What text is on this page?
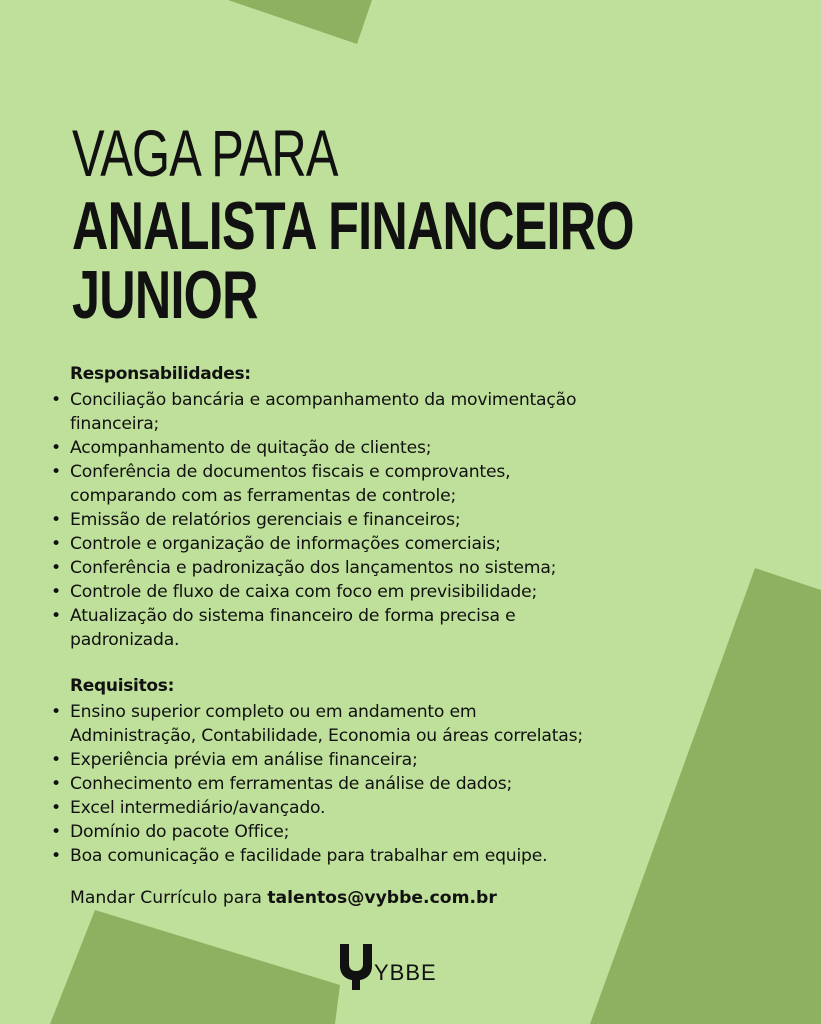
VAGA PARA
ANALISTA FINANCEIRO
JUNIOR
Responsabilidades:
• Conciliação bancária e acompanhamento da movimentação
financeira;
• Acompanhamento de quitação de clientes;
• Conferência de documentos fiscais e comprovantes,
comparando com as ferramentas de controle;
• Emissão de relatórios gerenciais e financeiros;
• Controle e organização de informações comerciais;
• Conferência e padronização dos lançamentos no sistema;
• Controle de fluxo de caixa com foco em previsibilidade;
• Atualização do sistema financeiro de forma precisa e
padronizada.
Requisitos:
• Ensino superior completo ou em andamento em
Administração, Contabilidade, Economia ou áreas correlatas;
• Experiência prévia em análise financeira;
• Conhecimento em ferramentas de análise de dados;
• Excel intermediário/avançado.
• Domínio do pacote Office;
• Boa comunicação e facilidade para trabalhar em equipe.

Mandar Currículo para talentos@vybbe.com.br

YBBE
